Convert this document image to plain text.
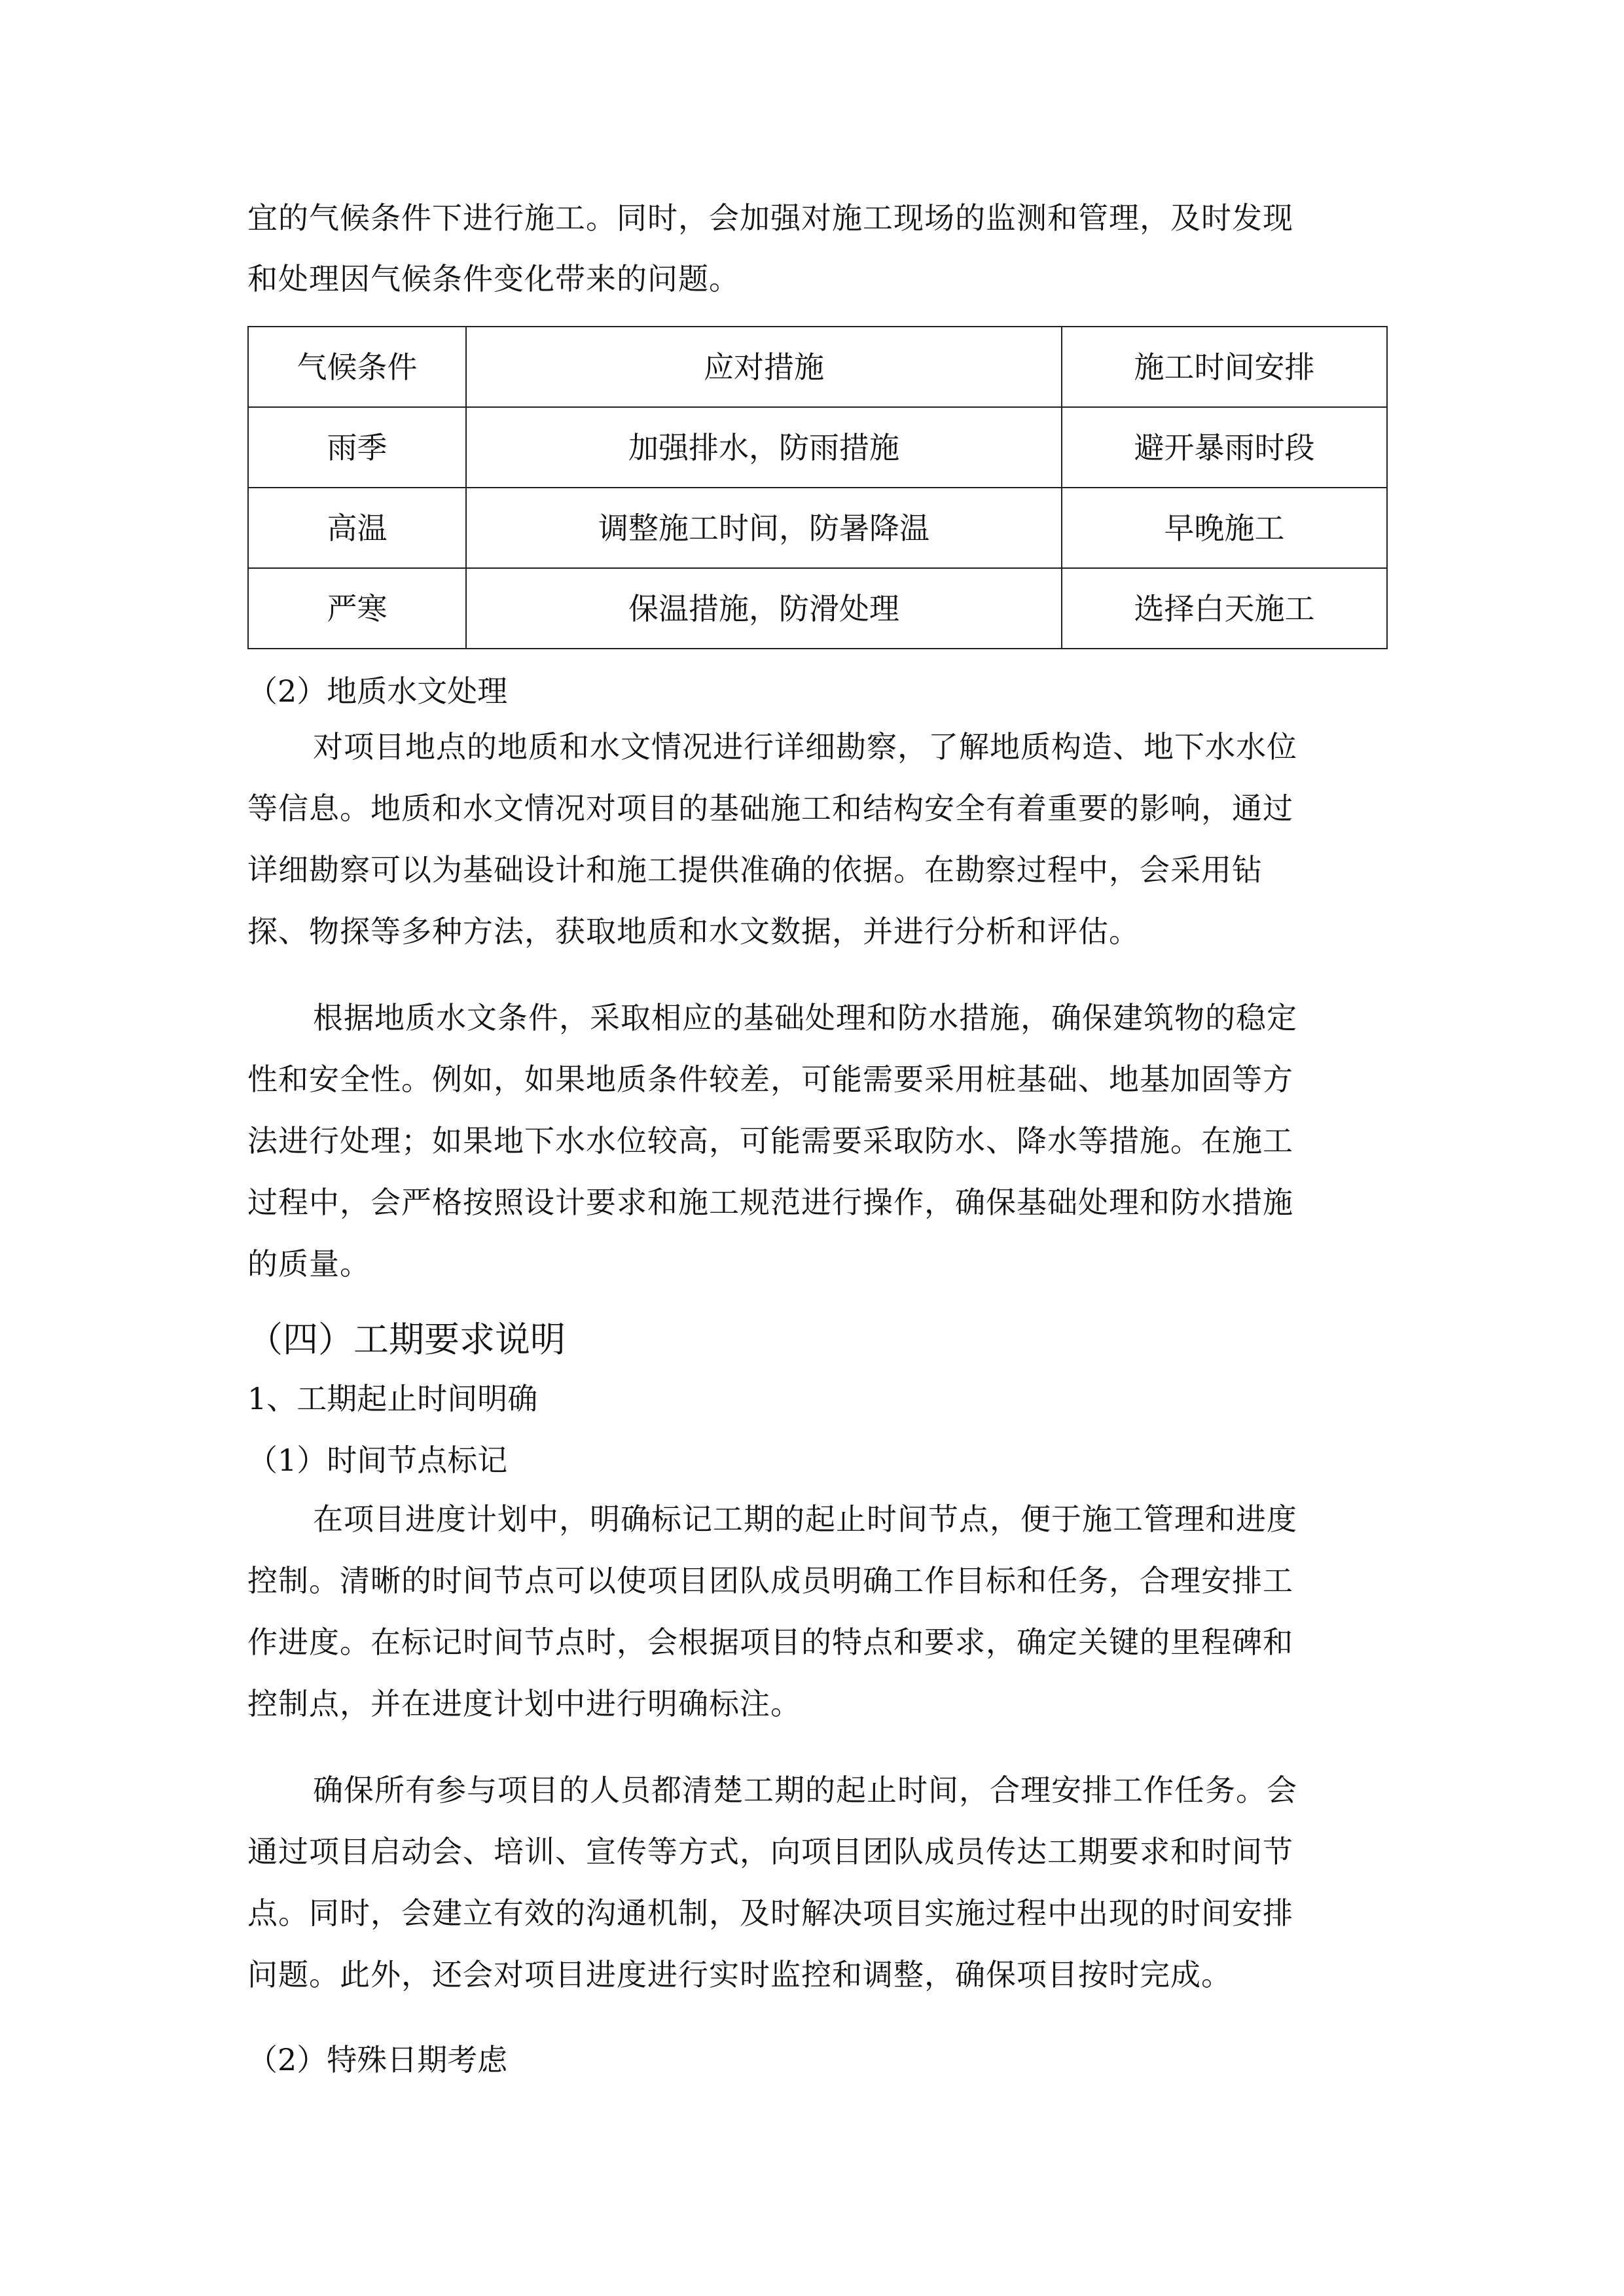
宜的气候条件下进行施工。同时，会加强对施工现场的监测和管理，及时发现
和处理因气候条件变化带来的问题。
气候条件	应对措施	施工时间安排
雨季	加强排水，防雨措施	避开暴雨时段
高温	调整施工时间，防暑降温	早晚施工
严寒	保温措施，防滑处理	选择白天施工
（2）地质水文处理
对项目地点的地质和水文情况进行详细勘察，了解地质构造、地下水水位
等信息。地质和水文情况对项目的基础施工和结构安全有着重要的影响，通过
详细勘察可以为基础设计和施工提供准确的依据。在勘察过程中，会采用钻
探、物探等多种方法，获取地质和水文数据，并进行分析和评估。
根据地质水文条件，采取相应的基础处理和防水措施，确保建筑物的稳定
性和安全性。例如，如果地质条件较差，可能需要采用桩基础、地基加固等方
法进行处理；如果地下水水位较高，可能需要采取防水、降水等措施。在施工
过程中，会严格按照设计要求和施工规范进行操作，确保基础处理和防水措施
的质量。
（四）工期要求说明
1、工期起止时间明确
（1）时间节点标记
在项目进度计划中，明确标记工期的起止时间节点，便于施工管理和进度
控制。清晰的时间节点可以使项目团队成员明确工作目标和任务，合理安排工
作进度。在标记时间节点时，会根据项目的特点和要求，确定关键的里程碑和
控制点，并在进度计划中进行明确标注。
确保所有参与项目的人员都清楚工期的起止时间，合理安排工作任务。会
通过项目启动会、培训、宣传等方式，向项目团队成员传达工期要求和时间节
点。同时，会建立有效的沟通机制，及时解决项目实施过程中出现的时间安排
问题。此外，还会对项目进度进行实时监控和调整，确保项目按时完成。
（2）特殊日期考虑
